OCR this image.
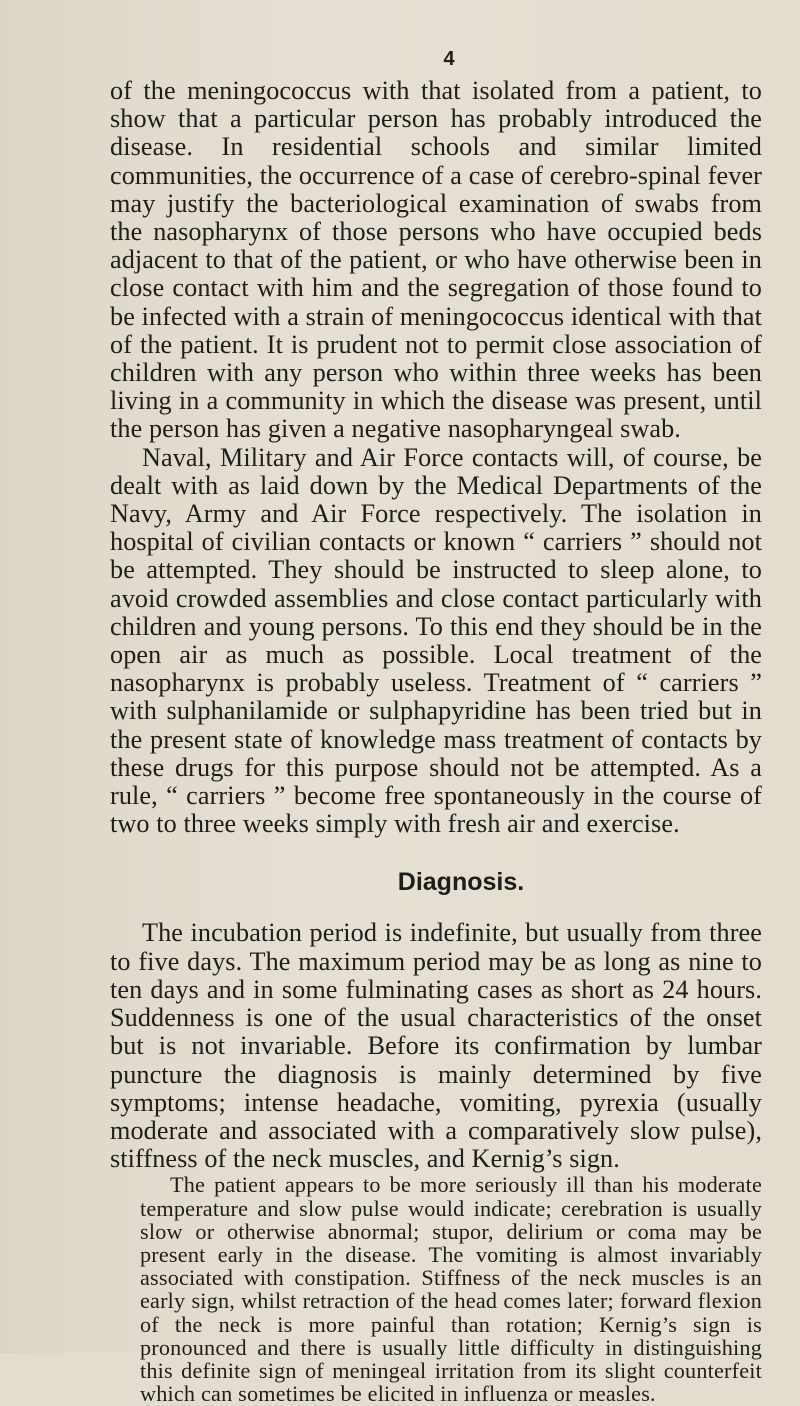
4

of the meningococcus with that isolated from a patient, to show that a particular person has probably introduced the disease. In residential schools and similar limited communities, the occurrence of a case of cerebro-spinal fever may justify the bacteriological examination of swabs from the nasopharynx of those persons who have occupied beds adjacent to that of the patient, or who have otherwise been in close contact with him and the segregation of those found to be infected with a strain of meningococcus identical with that of the patient. It is prudent not to permit close association of children with any person who within three weeks has been living in a community in which the disease was present, until the person has given a negative nasopharyngeal swab.

Naval, Military and Air Force contacts will, of course, be dealt with as laid down by the Medical Departments of the Navy, Army and Air Force respectively. The isolation in hospital of civilian contacts or known “ carriers ” should not be attempted. They should be instructed to sleep alone, to avoid crowded assemblies and close contact particularly with children and young persons. To this end they should be in the open air as much as possible. Local treatment of the nasopharynx is probably useless. Treatment of “ carriers ” with sulphanilamide or sulphapyridine has been tried but in the present state of knowledge mass treatment of contacts by these drugs for this purpose should not be attempted. As a rule, “ carriers ” become free spontaneously in the course of two to three weeks simply with fresh air and exercise.

Diagnosis.

The incubation period is indefinite, but usually from three to five days. The maximum period may be as long as nine to ten days and in some fulminating cases as short as 24 hours. Suddenness is one of the usual characteristics of the onset but is not invariable. Before its confirmation by lumbar puncture the diagnosis is mainly determined by five symptoms; intense headache, vomiting, pyrexia (usually moderate and associated with a comparatively slow pulse), stiffness of the neck muscles, and Kernig’s sign.

The patient appears to be more seriously ill than his moderate temperature and slow pulse would indicate; cerebration is usually slow or otherwise abnormal; stupor, delirium or coma may be present early in the disease. The vomiting is almost invariably associated with constipation. Stiffness of the neck muscles is an early sign, whilst retraction of the head comes later; forward flexion of the neck is more painful than rotation; Kernig’s sign is pronounced and there is usually little difficulty in distinguishing this definite sign of meningeal irritation from its slight counterfeit which can sometimes be elicited in influenza or measles.
